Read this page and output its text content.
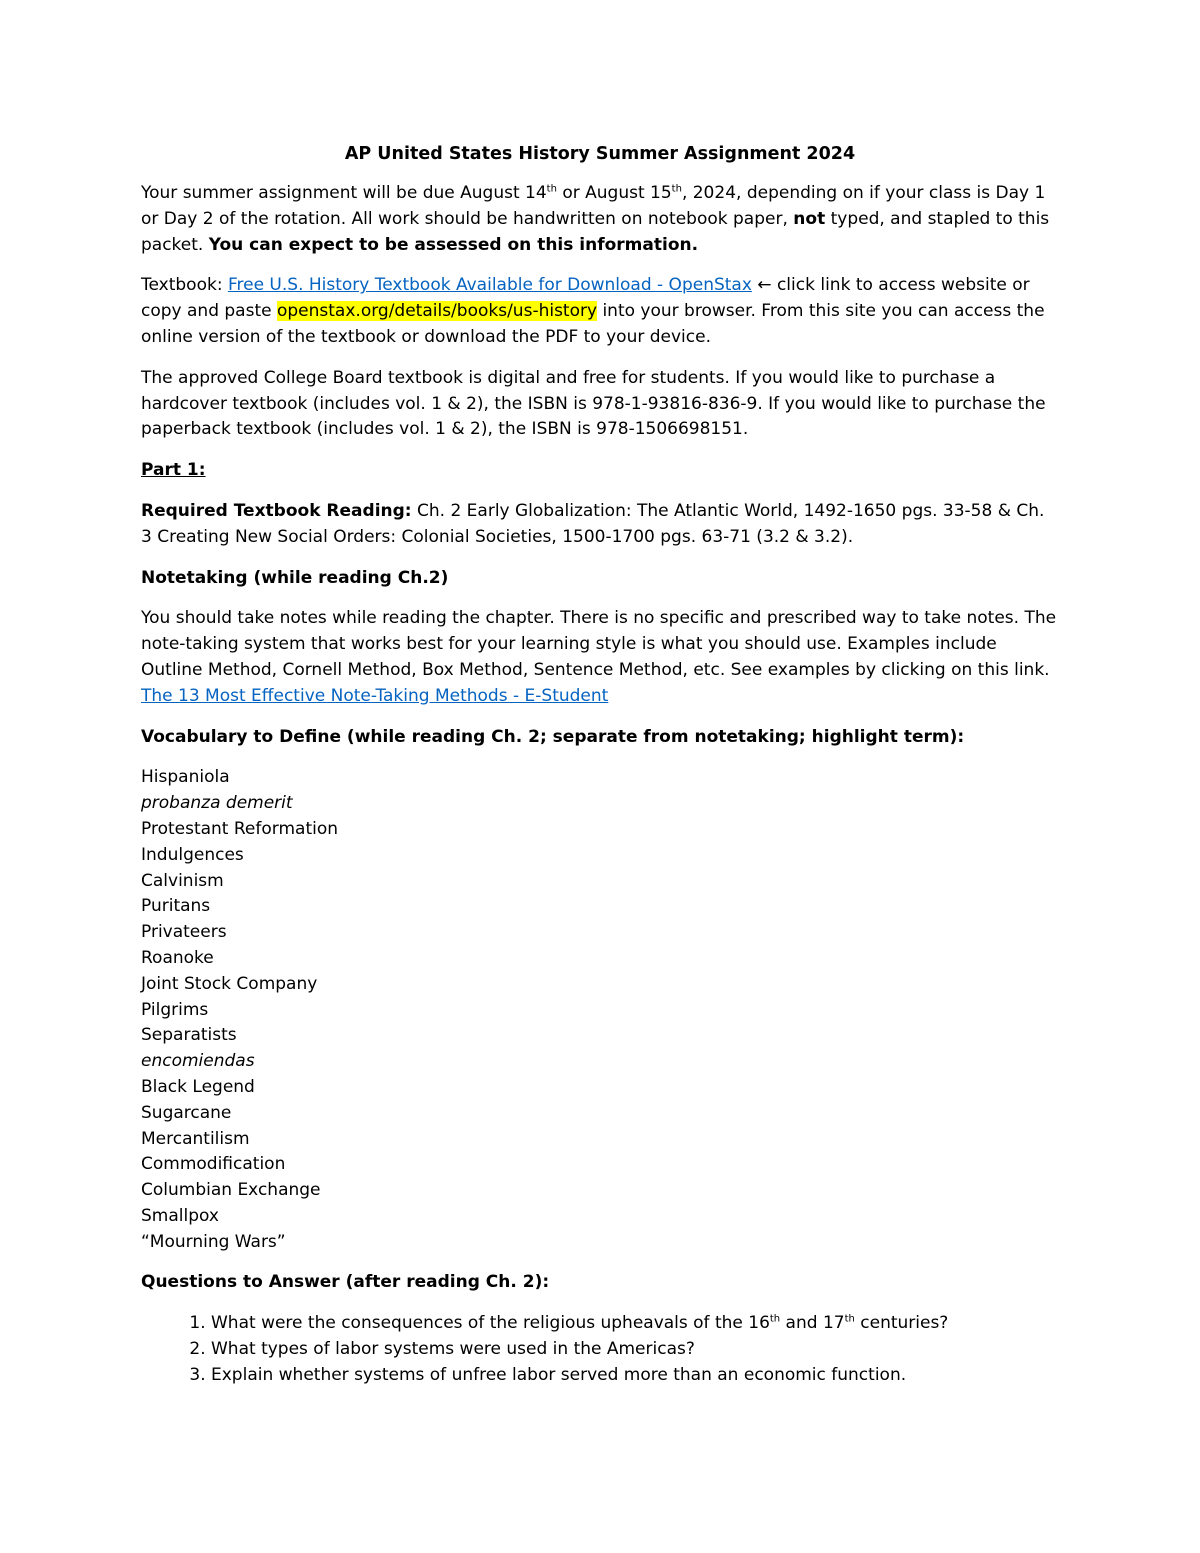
AP United States History Summer Assignment 2024

Your summer assignment will be due August 14th or August 15th, 2024, depending on if your class is Day 1 or Day 2 of the rotation. All work should be handwritten on notebook paper, not typed, and stapled to this packet. You can expect to be assessed on this information.

Textbook: Free U.S. History Textbook Available for Download - OpenStax ← click link to access website or copy and paste openstax.org/details/books/us-history into your browser. From this site you can access the online version of the textbook or download the PDF to your device.

The approved College Board textbook is digital and free for students. If you would like to purchase a hardcover textbook (includes vol. 1 & 2), the ISBN is 978-1-93816-836-9. If you would like to purchase the paperback textbook (includes vol. 1 & 2), the ISBN is 978-1506698151.

Part 1:

Required Textbook Reading: Ch. 2 Early Globalization: The Atlantic World, 1492-1650 pgs. 33-58 & Ch. 3 Creating New Social Orders: Colonial Societies, 1500-1700 pgs. 63-71 (3.2 & 3.2).

Notetaking (while reading Ch.2)

You should take notes while reading the chapter. There is no specific and prescribed way to take notes. The note-taking system that works best for your learning style is what you should use. Examples include Outline Method, Cornell Method, Box Method, Sentence Method, etc. See examples by clicking on this link. The 13 Most Effective Note-Taking Methods - E-Student

Vocabulary to Define (while reading Ch. 2; separate from notetaking; highlight term):

Hispaniola
probanza demerit
Protestant Reformation
Indulgences
Calvinism
Puritans
Privateers
Roanoke
Joint Stock Company
Pilgrims
Separatists
encomiendas
Black Legend
Sugarcane
Mercantilism
Commodification
Columbian Exchange
Smallpox
“Mourning Wars”

Questions to Answer (after reading Ch. 2):

1. What were the consequences of the religious upheavals of the 16th and 17th centuries?
2. What types of labor systems were used in the Americas?
3. Explain whether systems of unfree labor served more than an economic function.
